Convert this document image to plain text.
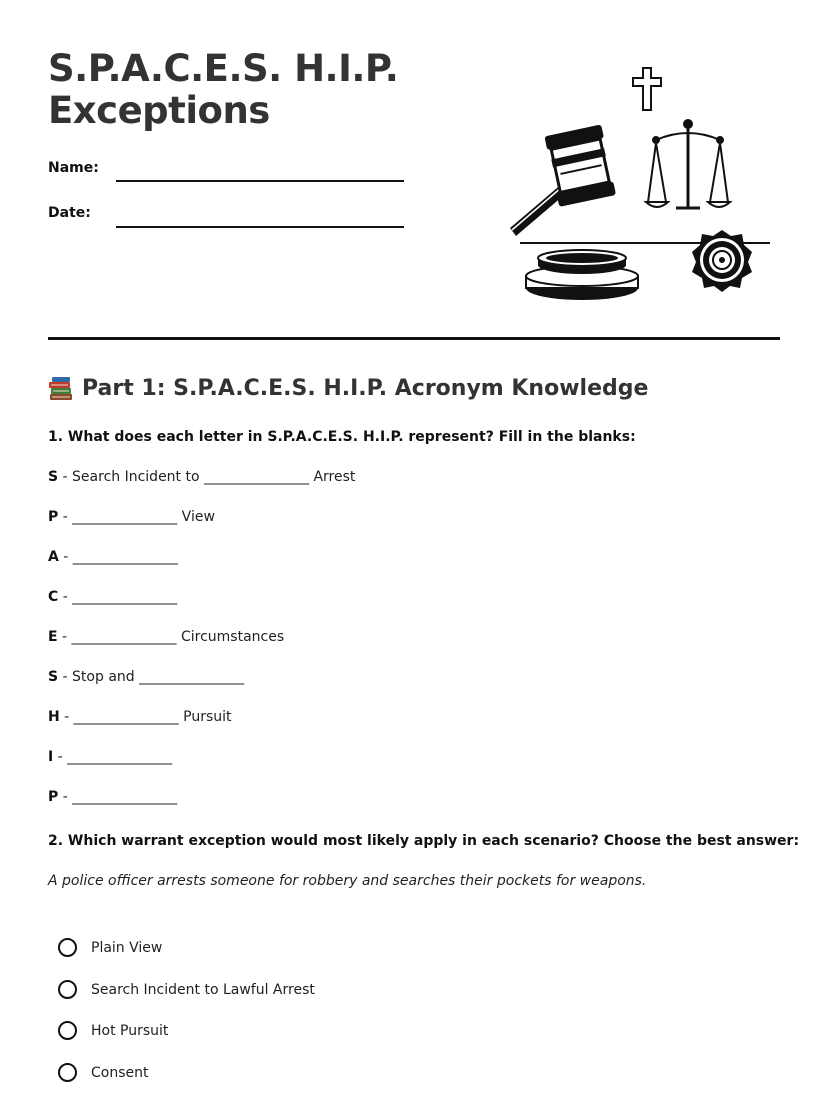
S.P.A.C.E.S. H.I.P.
Exceptions
Name:
Date:
Part 1: S.P.A.C.E.S. H.I.P. Acronym Knowledge

1. What does each letter in S.P.A.C.E.S. H.I.P. represent? Fill in the blanks:

S - Search Incident to _______________ Arrest
P - _______________ View
A - _______________
C - _______________
E - _______________ Circumstances
S - Stop and _______________
H - _______________ Pursuit
I - _______________
P - _______________

2. Which warrant exception would most likely apply in each scenario? Choose the best answer:

A police officer arrests someone for robbery and searches their pockets for weapons.

Plain View
Search Incident to Lawful Arrest
Hot Pursuit
Consent
